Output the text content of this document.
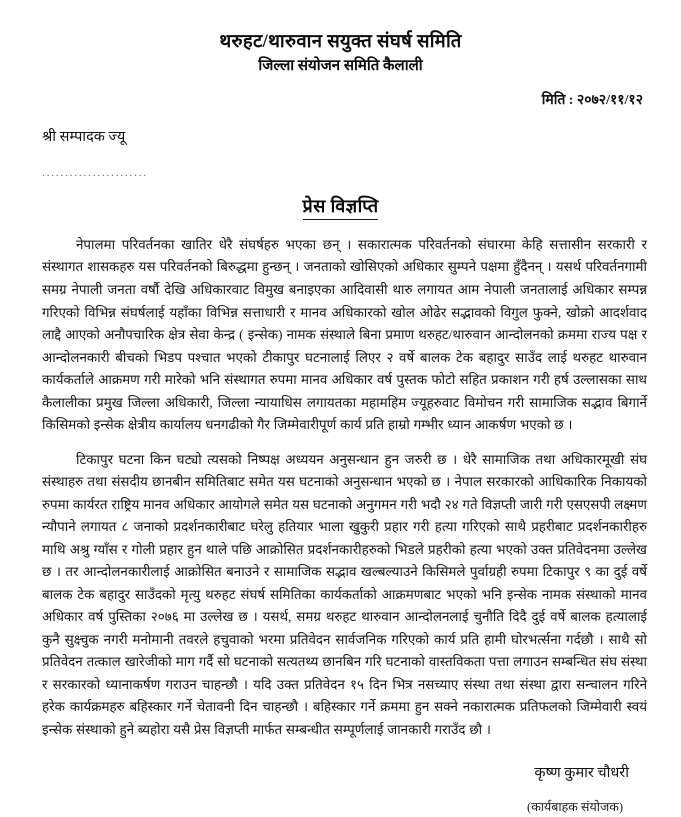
थरुहट/थारुवान सयुक्त संघर्ष समिति
जिल्ला संयोजन समिति कैलाली
मिति : २०७२/११/१२
श्री सम्पादक ज्यू
.......................
प्रेस विज्ञप्ति

नेपालमा परिवर्तनका खातिर धेरै संघर्षहरु भएका छन् । सकारात्मक परिवर्तनको संघारमा केहि सत्तासीन सरकारी र संस्थागत शासकहरु यस परिवर्तनको बिरुद्धमा हुन्छन् । जनताको खोसिएको अधिकार सुम्पने पक्षमा हुँदैनन् । यसर्थ परिवर्तनगामी समग्र नेपाली जनता वर्षौ देखि अधिकारवाट विमुख बनाइएका आदिवासी थारु लगायत आम नेपाली जनतालाई अधिकार सम्पन्न गरिएको विभिन्न संघर्षलाई यहाँका विभिन्न सत्ताधारी र मानव अधिकारको खोल ओढेर सद्भावको विगुल फुक्ने, खोक्रो आदर्शवाद लाद्दै आएको अनौपचारिक क्षेत्र सेवा केन्द्र ( इन्सेक) नामक संस्थाले बिना प्रमाण थरुहट/थारुवान आन्दोलनको क्रममा राज्य पक्ष र आन्दोलनकारी बीचको भिडप पश्चात भएको टीकापुर घटनालाई लिएर २ वर्षे बालक टेक बहादुर साउँद लाई थरुहट थारुवान कार्यकर्ताले आक्रमण गरी मारेको भनि संस्थागत रुपमा मानव अधिकार वर्ष पुस्तक फोटो सहित प्रकाशन गरी हर्ष उल्लासका साथ कैलालीका प्रमुख जिल्ला अधिकारी, जिल्ला न्यायाधिस लगायतका महामहिम ज्यूहरुवाट विमोचन गरी सामाजिक सद्भाव बिगार्ने किसिमको इन्सेक क्षेत्रीय कार्यालय धनगढीको गैर जिम्मेवारीपूर्ण कार्य प्रति हाम्रो गम्भीर ध्यान आकर्षण भएको छ ।

टिकापुर घटना किन घट्यो त्यसको निष्पक्ष अध्ययन अनुसन्धान हुन जरुरी छ । धेरै सामाजिक तथा अधिकारमूखी संघ संस्थाहरु तथा संसदीय छानबीन समितिबाट समेत यस घटनाको अनुसन्धान भएको छ । नेपाल सरकारको आधिकारिक निकायको रुपमा कार्यरत राष्ट्रिय मानव अधिकार आयोगले समेत यस घटनाको अनुगमन गरी भदौ २४ गते विज्ञप्ती जारी गरी एसएसपी लक्ष्मण न्यौपाने लगायत ८ जनाको प्रदर्शनकारीबाट घरेलु हतियार भाला खुकुरी प्रहार गरी हत्या गरिएको साथै प्रहरीबाट प्रदर्शनकारीहरु माथि अश्रु ग्याँस र गोली प्रहार हुन थाले पछि आक्रोसित प्रदर्शनकारीहरुको भिडले प्रहरीको हत्या भएको उक्त प्रतिवेदनमा उल्लेख छ । तर आन्दोलनकारीलाई आक्रोसित बनाउने र सामाजिक सद्भाव खल्बल्याउने किसिमले पुर्वाग्रही रुपमा टिकापुर ९ का दुई वर्षे बालक टेक बहादुर साउँदको मृत्यु थरुहट संघर्ष समितिका कार्यकर्ताको आक्रमणबाट भएको भनि इन्सेक नामक संस्थाको मानव अधिकार वर्ष पुस्तिका २०७६ मा उल्लेख छ । यसर्थ, समग्र थरुहट थारुवान आन्दोलनलाई चुनौति दिदै दुई वर्षे बालक हत्यालाई कुनै सुक्ष्चुक नगरी मनोमानी तवरले हचुवाको भरमा प्रतिवेदन सार्वजनिक गरिएको कार्य प्रति हामी घोरभर्त्सना गर्दछौ । साथै सो प्रतिवेदन तत्काल खारेजीको माग गर्दै सो घटनाको सत्यतथ्य छानबिन गरि घटनाको वास्तविकता पत्ता लगाउन सम्बन्धित संघ संस्था र सरकारको ध्यानाकर्षण गराउन चाहन्छौ । यदि उक्त प्रतिवेदन १५ दिन भित्र नसच्याए संस्था तथा संस्था द्वारा सन्चालन गरिने हरेक कार्यक्रमहरु बहिस्कार गर्ने चेतावनी दिन चाहन्छौ । बहिस्कार गर्ने क्रममा हुन सक्ने नकारात्मक प्रतिफलको जिम्मेवारी स्वयं इन्सेक संस्थाको हुने ब्यहोरा यसै प्रेस विज्ञप्ती मार्फत सम्बन्धीत सम्पूर्णलाई जानकारी गराउँद छौ ।

कृष्ण कुमार चौधरी
(कार्यबाहक संयोजक)
